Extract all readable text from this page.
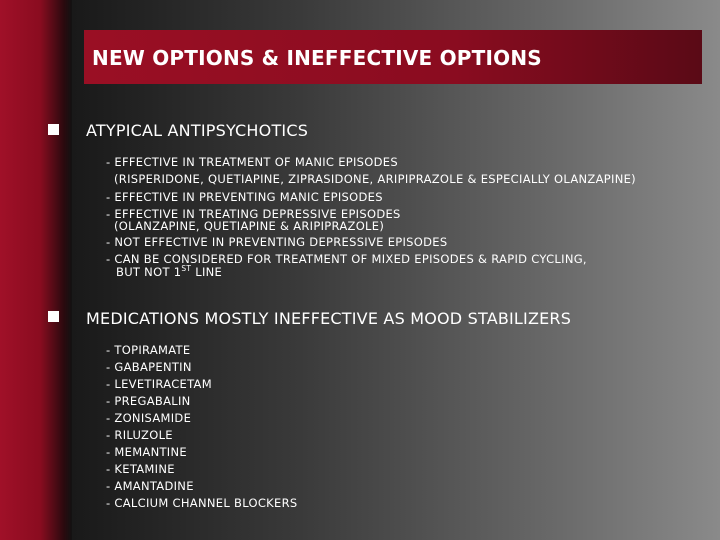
NEW OPTIONS & INEFFECTIVE OPTIONS
ATYPICAL ANTIPSYCHOTICS
- EFFECTIVE IN TREATMENT OF MANIC EPISODES
(RISPERIDONE, QUETIAPINE, ZIPRASIDONE, ARIPIPRAZOLE & ESPECIALLY OLANZAPINE)
- EFFECTIVE IN PREVENTING MANIC EPISODES
- EFFECTIVE IN TREATING DEPRESSIVE EPISODES
(OLANZAPINE, QUETIAPINE & ARIPIPRAZOLE)
- NOT EFFECTIVE IN PREVENTING DEPRESSIVE EPISODES
- CAN BE CONSIDERED FOR TREATMENT OF MIXED EPISODES & RAPID CYCLING,
BUT NOT 1ST LINE
MEDICATIONS MOSTLY INEFFECTIVE AS MOOD STABILIZERS
- TOPIRAMATE
- GABAPENTIN
- LEVETIRACETAM
- PREGABALIN
- ZONISAMIDE
- RILUZOLE
- MEMANTINE
- KETAMINE
- AMANTADINE
- CALCIUM CHANNEL BLOCKERS
